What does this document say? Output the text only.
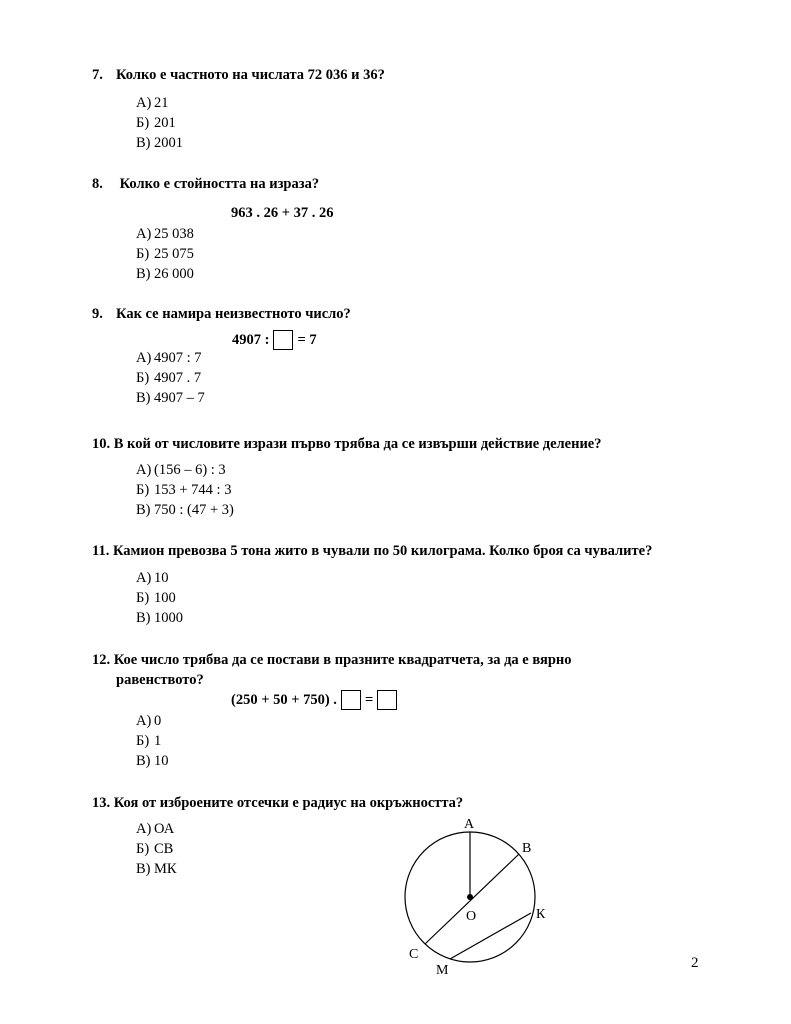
7. Колко е частното на числата 72 036 и 36?
А) 21
Б) 201
В) 2001
8. Колко е стойността на израза?
963 . 26 + 37 . 26
А) 25 038
Б) 25 075
В) 26 000
9. Как се намира неизвестното число?
4907 : = 7
А) 4907 : 7
Б) 4907 . 7
В) 4907 – 7
10. В кой от числовите изрази първо трябва да се извърши действие деление?
А) (156 – 6) : 3
Б) 153 + 744 : 3
В) 750 : (47 + 3)
11. Камион превозва 5 тона жито в чували по 50 килограма. Колко броя са чувалите?
А) 10
Б) 100
В) 1000
12. Кое число трябва да се постави в празните квадратчета, за да е вярно
равенството?
(250 + 50 + 750) . =
А) 0
Б) 1
В) 10
13. Коя от изброените отсечки е радиус на окръжността?
А) ОА
Б) СВ
В) МК
А
В
О	К
С
М	2
